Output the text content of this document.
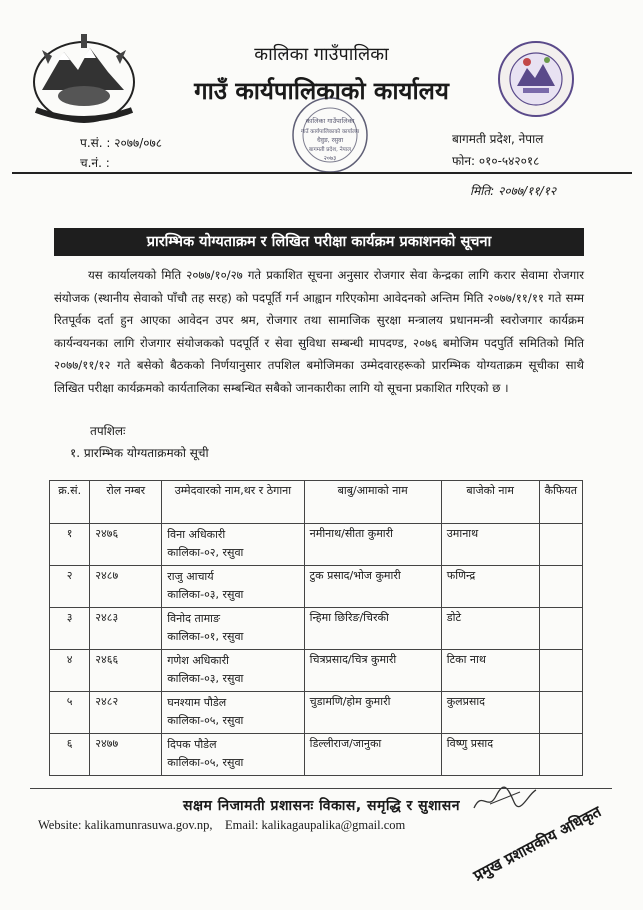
कालिका गाउँपालिका
गाउँ कार्यपालिकाको कार्यालय
धैवुङ, रसुवा
बागमती प्रदेश, नेपाल
२०७३
कालिका गाउँपालिका
गाउँ कार्यपालिकाको कार्यालय
प.सं. : २०७७/०७८
च.नं. :
बागमती प्रदेश, नेपाल
फोन: ०१०-५४२०१८
मिति: २०७७/११/१२
प्रारम्भिक योग्यताक्रम र लिखित परीक्षा कार्यक्रम प्रकाशनको सूचना

यस कार्यालयको मिति २०७७/१०/२७ गते प्रकाशित सूचना अनुसार रोजगार सेवा केन्द्रका लागि करार सेवामा रोजगार संयोजक (स्थानीय सेवाको पाँचौ तह सरह) को पदपूर्ति गर्न आह्वान गरिएकोमा आवेदनको अन्तिम मिति २०७७/११/११ गते सम्म रितपूर्वक दर्ता हुन आएका आवेदन उपर श्रम, रोजगार तथा सामाजिक सुरक्षा मन्त्रालय प्रधानमन्त्री स्वरोजगार कार्यक्रम कार्यन्वयनका लागि रोजगार संयोजकको पदपूर्ति र सेवा सुविधा सम्बन्धी मापदण्ड, २०७६ बमोजिम पदपुर्ति समितिको मिति २०७७/११/१२ गते बसेको बैठकको निर्णयानुसार तपशिल बमोजिमका उम्मेदवारहरूको प्रारम्भिक योग्यताक्रम सूचीका साथै लिखित परीक्षा कार्यक्रमको कार्यतालिका सम्बन्धित सबैको जानकारीका लागि यो सूचना प्रकाशित गरिएको छ ।

तपशिलः
१. प्रारम्भिक योग्यताक्रमको सूची
क्र.सं.	रोल नम्बर	उम्मेदवारको नाम,थर र ठेगाना	बाबु/आमाको नाम	बाजेको नाम	कैफियत
१	२४७६	विना अधिकारी
कालिका-०२, रसुवा	नमीनाथ/सीता कुमारी	उमानाथ	
२	२४८७	राजु आचार्य
कालिका-०३, रसुवा	टुक प्रसाद/भोज कुमारी	फणिन्द्र	
३	२४८३	विनोद तामाङ
कालिका-०१, रसुवा	न्हिमा छिरिङ/चिरकी	डोटे	
४	२४६६	गणेश अधिकारी
कालिका-०३, रसुवा	चित्रप्रसाद/चित्र कुमारी	टिका नाथ	
५	२४८२	घनश्याम पौडेल
कालिका-०५, रसुवा	चुडामणि/होम कुमारी	कुलप्रसाद	
६	२४७७	दिपक पौडेल
कालिका-०५, रसुवा	डिल्लीराज/जानुका	विष्णु प्रसाद	
सक्षम निजामती प्रशासनः विकास, समृद्धि र सुशासन
Website: kalikamunrasuwa.gov.np, Email: kalikagaupalika@gmail.com	प्रमुख प्रशासकीय अधिकृत
